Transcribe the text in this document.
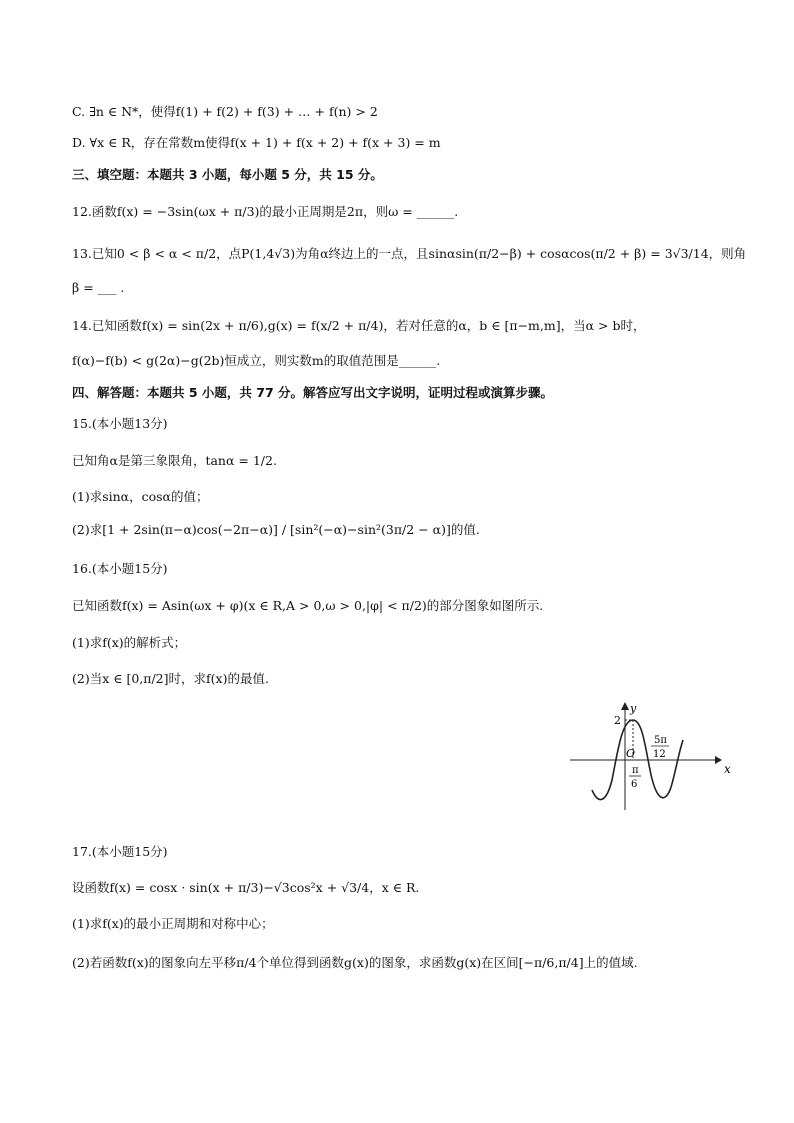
C. ∃n ∈ N*，使得f(1) + f(2) + f(3) + … + f(n) > 2
D. ∀x ∈ R，存在常数m使得f(x + 1) + f(x + 2) + f(x + 3) = m
三、填空题：本题共 3 小题，每小题 5 分，共 15 分。
12.函数f(x) = −3sin(ωx + π/3)的最小正周期是2π，则ω = ______.
13.已知0 < β < α < π/2，点P(1,4√3)为角α终边上的一点，且sinαsin(π/2−β) + cosαcos(π/2 + β) = 3√3/14，则角
β = ___ .
14.已知函数f(x) = sin(2x + π/6),g(x) = f(x/2 + π/4)，若对任意的α，b ∈ [π−m,m]，当α > b时，
f(α)−f(b) < g(2α)−g(2b)恒成立，则实数m的取值范围是______.
四、解答题：本题共 5 小题，共 77 分。解答应写出文字说明，证明过程或演算步骤。
15.(本小题13分)
已知角α是第三象限角，tanα = 1/2.
(1)求sinα，cosα的值；
(2)求[1 + 2sin(π−α)cos(−2π−α)] / [sin²(−α)−sin²(3π/2 − α)]的值.
16.(本小题15分)
已知函数f(x) = Asin(ωx + φ)(x ∈ R,A > 0,ω > 0,|φ| < π/2)的部分图象如图所示.
(1)求f(x)的解析式；
(2)当x ∈ [0,π/2]时，求f(x)的最值.
y
x
2
O
5π
12
π
6
17.(本小题15分)
设函数f(x) = cosx · sin(x + π/3)−√3cos²x + √3/4，x ∈ R.
(1)求f(x)的最小正周期和对称中心；
(2)若函数f(x)的图象向左平移π/4个单位得到函数g(x)的图象，求函数g(x)在区间[−π/6,π/4]上的值域.
